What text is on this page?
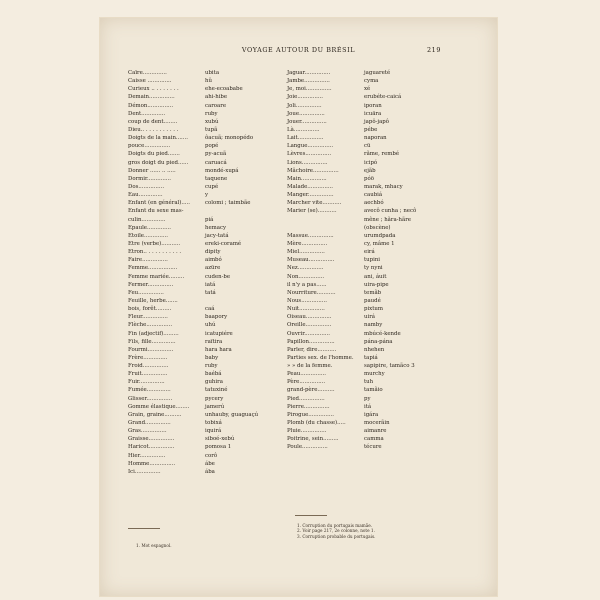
VOYAGE AUTOUR DU BRÉSIL	219
Caïre..............	ubita
Caisse ..............	hû
Curieux .. . . . . . . .	ehe-ecoababe
Demain...............	ahi-hibe
Démon...............	caroare
Dent..............	ruby
coup de dent........	xubú
Dieu.. . . . . . . . . . .	tupã
Doigts de la main.......	ôacuã; monopédo
pouce...............	popé
Doigts du pied.......	py-acuã
gros doigt du pied......	caruacá
Donner ...... .. .....	mondé-xupá
Dormir..............	taquene
Dos...............	cupé
Eau..............	y
Enfant (en général).....	colomi ; taimbãe
Enfant du sexe mas-
culin..............	piá
Epaule..............	hemacy
Etoile..............	jacy-tatá
Etre (verbe)...........	ereki-coramé
Etron.. . . . . . . . . . .	dipity
Faire...............	aimbó
Femme.................	azüre
Femme mariée.........	cuden-be
Fermer...............	iatá
Feu...............	tatá
Feuille, herbe.......
bois, forêt.........	caá
Fleur...............	baapory
Flèche...............	uhú
Fin (adjectif).........	icatupiére
Fils, fille..............	raïtira
Fourmi...............	hara hara
Frère..............	baby
Froid...............	ruby
Fruit...............	baébá
Fuir...............	guhira
Fumée..............	tatuxiné
Glisser...............	pycery
Gomme élastique........	jamerú
Grain, graine..........	unhauby, guaguaçú
Grand...............	tobixá
Gras...............	iquirá
Graisse...............	siboé-xebú
Haricot...............	pomosa 1
Hier...............	corô
Homme...............	ábe
Ici...............	ába
Jaguar...............	jaguareté
Jambe...............	cyma
Je, moi...............	xé
Joie...............	erubéte-caicá
Joli...............	iporan
Joue...............	icuära
Jouer...............	japô-japô
Là...............	pébe
Lait...............	naporan
Langue...............	cü
Lèvres...............	rãme, rembé
Lions...............	icipó
Mâchoire...............	ejãb
Main...............	póö
Malade...............	marak, mhacy
Manger...............	caubiá
Marcher vite...........	aechbó
Marier (se)...........	avecô cunha ; necô
mêne ; hãra-hãre
(obscène)
Massue...............	urumdpada
Mère...............	cy, mâme 1
Miel...............	eirá
Museau...............	tupini
Nez...............	ty nyni
Non...............	ani, áuit
il n'y a pas......	uira-pipe
Nourriture...........	temãb
Nous...............	paudé
Nuit...............	pixtum
Oiseau...............	uirá
Oreille...............	namby
Ouvrir...............	mbúcé-kende
Papillon...............	pána-pána
Parler, dire...........	nhehen
Parties sex. de l'homme. tapiá
» » de la femme.	sapipire, tamãco 3
Peau...............	murchy
Père...............	tuh
grand-père..........	tamãio
Pied...............	py
Pierre...............	itá
Pirogue...............	igára
Plomb (du chasse).....	mocerãin
Pluie...............	aimanre
Poitrine, sein.........	camma
Poule...............	técure
1. Mot espagnol.
1. Corruption du portugais mamãe.
2. Voir page 217, 2e colonne, note 1.
3. Corruption probable du portugais.
